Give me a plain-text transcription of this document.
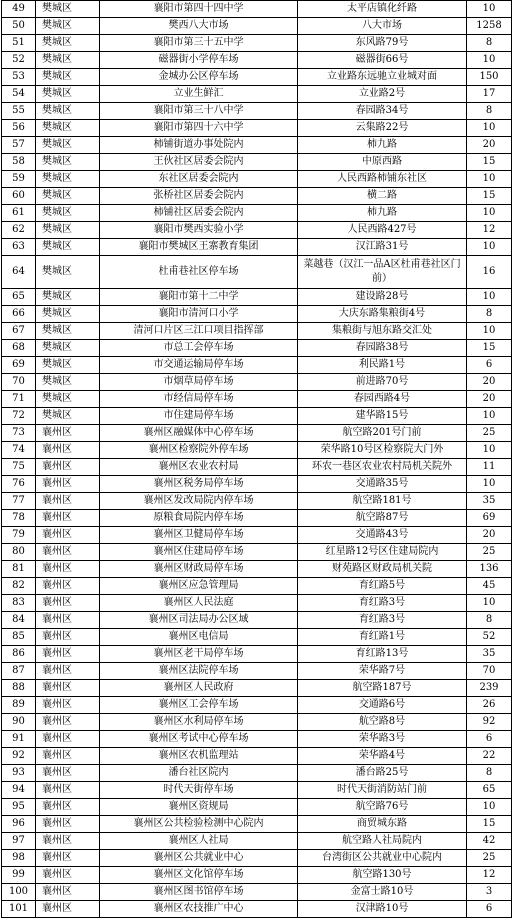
49	樊城区	襄阳市第四十四中学	太平店镇化纤路	10
50	樊城区	樊西八大市场	八大市场	1258
51	樊城区	襄阳市第三十五中学	东风路79号	8
52	樊城区	磁器街小学停车场	磁器街66号	10
53	樊城区	金城办公区停车场	立业路东远驰立业城对面	150
54	樊城区	立业生鲜汇	立业路2号	17
55	樊城区	襄阳市第三十八中学	春园路34号	8
56	樊城区	襄阳市第四十六中学	云集路22号	10
57	樊城区	柿铺街道办事处院内	柿九路	20
58	樊城区	王伙社区居委会院内	中原西路	15
59	樊城区	东社区居委会院内	人民西路柿铺东社区	10
60	樊城区	张桥社区居委会院内	横二路	15
61	樊城区	柿铺社区居委会院内	柿九路	10
62	樊城区	襄阳市樊西实验小学	人民西路427号	12
63	樊城区	襄阳市樊城区王寨教育集团	汉江路31号	10
64	樊城区	杜甫巷社区停车场	菜越巷（汉江一品A区杜甫巷社区门前）	16
65	樊城区	襄阳市第十二中学	建设路28号	10
66	樊城区	襄阳市清河口小学	大庆东路集粮街4号	8
67	樊城区	清河口片区三江口项目指挥部	集粮街与旭东路交汇处	10
68	樊城区	市总工会停车场	春园路38号	15
69	樊城区	市交通运输局停车场	利民路1号	6
70	樊城区	市烟草局停车场	前进路70号	20
71	樊城区	市经信局停车场	春园西路4号	20
72	樊城区	市住建局停车场	建华路15号	10
73	襄州区	襄州区融媒体中心停车场	航空路201号门前	25
74	襄州区	襄州区检察院外停车场	荣华路10号区检察院大门外	10
75	襄州区	襄州区农业农村局	环农一巷区农业农村局机关院外	11
76	襄州区	襄州区税务局停车场	交通路35号	10
77	襄州区	襄州区发改局院内停车场	航空路181号	35
78	襄州区	原粮食局院内停车场	航空路87号	69
79	襄州区	襄州区卫健局停车场	交通路43号	20
80	襄州区	襄州区住建局停车场	红星路12号区住建局院内	25
81	襄州区	襄州区财政局停车场	财苑路区财政局机关院	136
82	襄州区	襄州区应急管理局	育红路5号	45
83	襄州区	襄州区人民法庭	育红路3号	10
84	襄州区	襄州区司法局办公区域	育红路3号	8
85	襄州区	襄州区电信局	育红路1号	52
86	襄州区	襄州区老干局停车场	育红路13号	35
87	襄州区	襄州区法院停车场	荣华路7号	70
88	襄州区	襄州区人民政府	航空路187号	239
89	襄州区	襄州区工会停车场	交通路6号	26
90	襄州区	襄州区水利局停车场	航空路8号	92
91	襄州区	襄州区考试中心停车场	荣华路3号	6
92	襄州区	襄州区农机监理站	荣华路4号	22
93	襄州区	潘台社区院内	潘台路25号	8
94	襄州区	时代天街停车场	时代天街消防站门前	65
95	襄州区	襄州区资规局	航空路76号	10
96	襄州区	襄州区公共检验检测中心院内	商贸城东路	15
97	襄州区	襄州区人社局	航空路人社局院内	42
98	襄州区	襄州区公共就业中心	台湾街区公共就业中心院内	25
99	襄州区	襄州区文化馆停车场	航空路130号	12
100	襄州区	襄州区图书馆停车场	金富士路10号	3
101	襄州区	襄州区农技推广中心	汉津路10号	6
